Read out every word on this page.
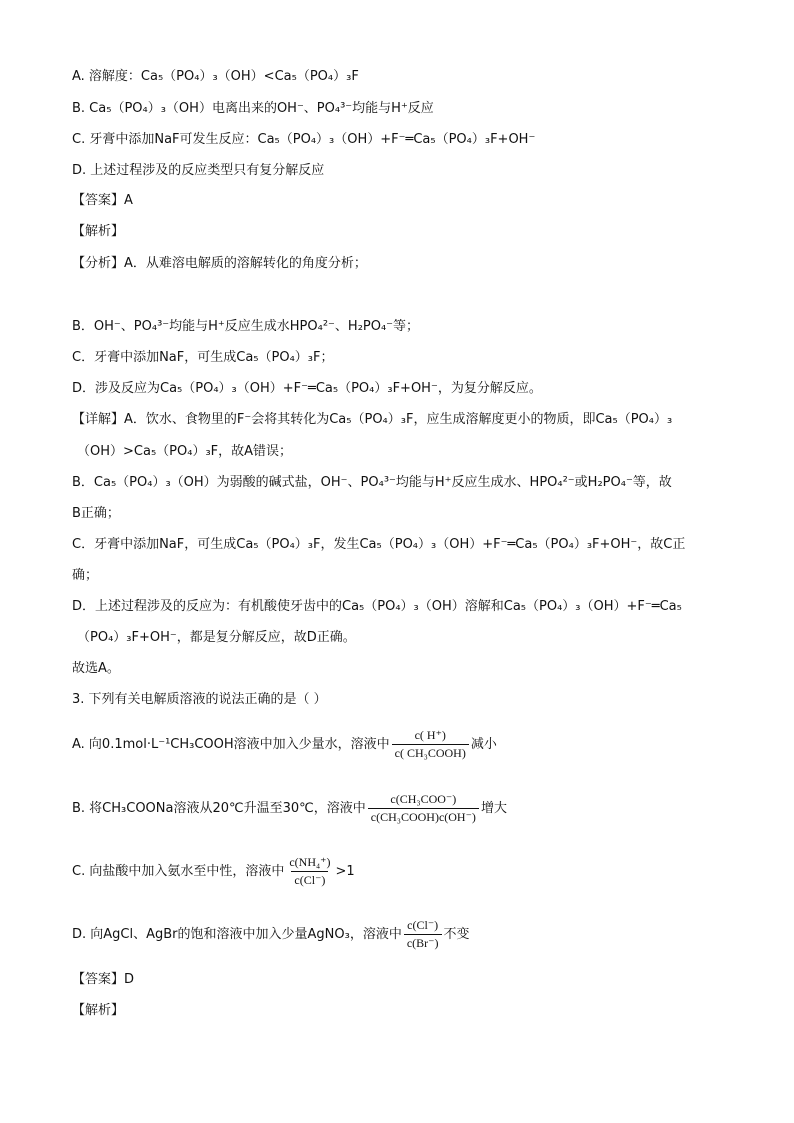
A. 溶解度：Ca₅（PO₄）₃（OH）<Ca₅（PO₄）₃F
B. Ca₅（PO₄）₃（OH）电离出来的OH⁻、PO₄³⁻均能与H⁺反应
C. 牙膏中添加NaF可发生反应：Ca₅（PO₄）₃（OH）+F⁻═Ca₅（PO₄）₃F+OH⁻
D. 上述过程涉及的反应类型只有复分解反应
【答案】A
【解析】
【分析】A．从难溶电解质的溶解转化的角度分析；
B．OH⁻、PO₄³⁻均能与H⁺反应生成水HPO₄²⁻、H₂PO₄⁻等；
C．牙膏中添加NaF，可生成Ca₅（PO₄）₃F；
D．涉及反应为Ca₅（PO₄）₃（OH）+F⁻═Ca₅（PO₄）₃F+OH⁻，为复分解反应。
【详解】A．饮水、食物里的F⁻会将其转化为Ca₅（PO₄）₃F，应生成溶解度更小的物质，即Ca₅（PO₄）₃
（OH）>Ca₅（PO₄）₃F，故A错误；
B．Ca₅（PO₄）₃（OH）为弱酸的碱式盐，OH⁻、PO₄³⁻均能与H⁺反应生成水、HPO₄²⁻或H₂PO₄⁻等，故
B正确；
C．牙膏中添加NaF，可生成Ca₅（PO₄）₃F，发生Ca₅（PO₄）₃（OH）+F⁻═Ca₅（PO₄）₃F+OH⁻，故C正
确；
D．上述过程涉及的反应为：有机酸使牙齿中的Ca₅（PO₄）₃（OH）溶解和Ca₅（PO₄）₃（OH）+F⁻═Ca₅
（PO₄）₃F+OH⁻，都是复分解反应，故D正确。
故选A。
3. 下列有关电解质溶液的说法正确的是（ ）
A. 向0.1mol·L⁻¹CH₃COOH溶液中加入少量水，溶液中 $\frac{c( H^+)}{\text{c( CH₃COOH)}}$ 减小
B. 将CH₃COONa溶液从20℃升温至30℃，溶液中 $\frac{\text{c(CH₃COO⁻)}}{\text{c(CH₃COOH)c(OH⁻)}}$ 增大
C. 向盐酸中加入氨水至中性，溶液中 $\frac{\text{c(NH₄⁺)}}{c(Cl^-)} >1$
D. 向AgCl、AgBr的饱和溶液中加入少量AgNO₃，溶液中 $\frac{c(Cl^-)}{c(Br^-)}$ 不变
【答案】D
【解析】
